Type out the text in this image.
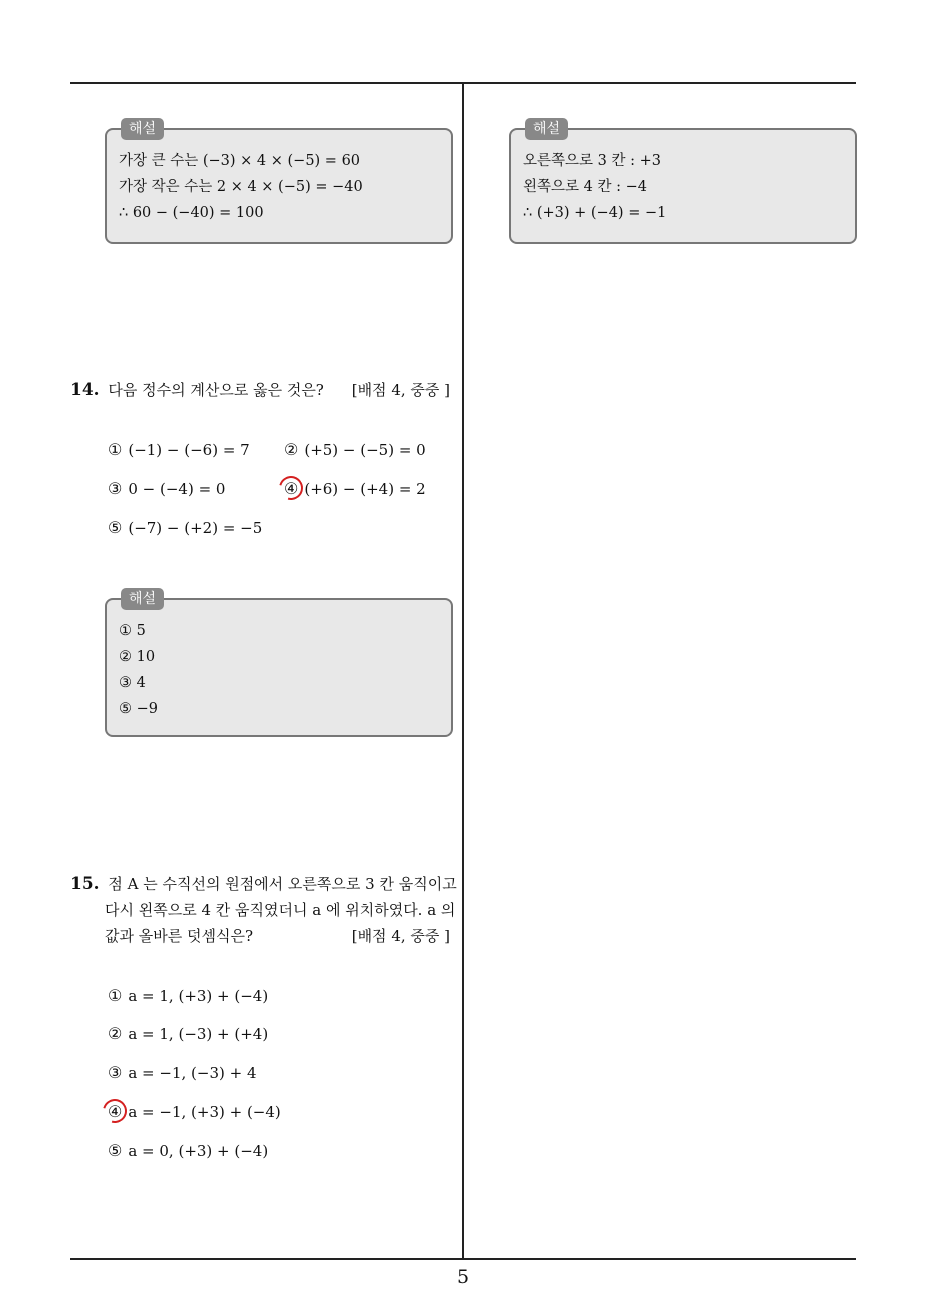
해설
가장 큰 수는 (−3) × 4 × (−5) = 60
가장 작은 수는 2 × 4 × (−5) = −40
∴ 60 − (−40) = 100
해설
오른쪽으로 3 칸 : +3
왼쪽으로 4 칸 : −4
∴ (+3) + (−4) = −1
14. 다음 정수의 계산으로 옳은 것은? [배점 4, 중중 ]
① (−1) − (−6) = 7 ② (+5) − (−5) = 0
③ 0 − (−4) = 0	④ (+6) − (+4) = 2
⑤ (−7) − (+2) = −5
해설
① 5
② 10
③ 4
⑤ −9
15. 점 A 는 수직선의 원점에서 오른쪽으로 3 칸 움직이고
다시 왼쪽으로 4 칸 움직였더니 a 에 위치하였다. a 의
값과 올바른 덧셈식은?	[배점 4, 중중 ]
① a = 1, (+3) + (−4)
② a = 1, (−3) + (+4)
③ a = −1, (−3) + 4
④ a = −1, (+3) + (−4)
⑤ a = 0, (+3) + (−4)
5
